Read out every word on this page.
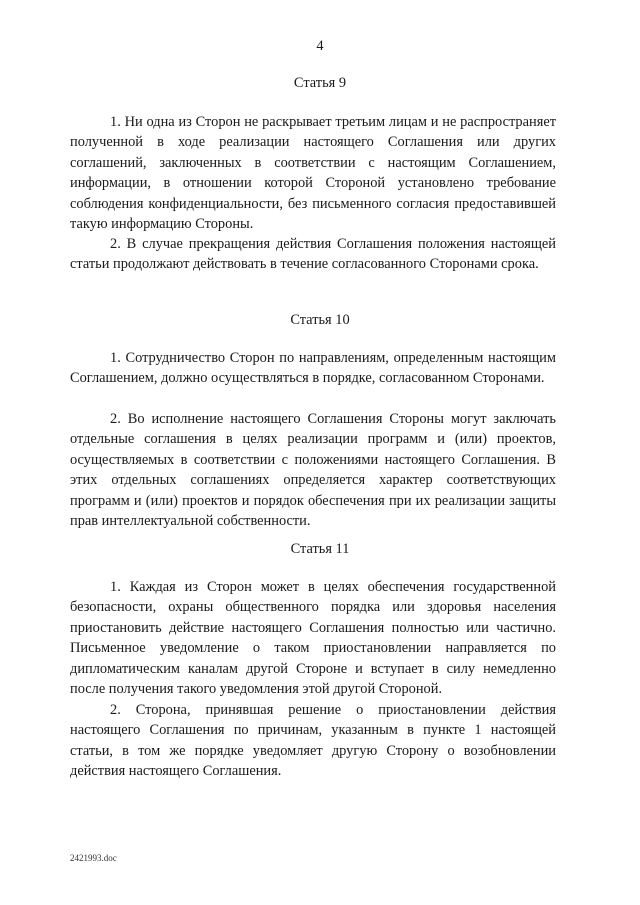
4
Статья 9

1. Ни одна из Сторон не раскрывает третьим лицам и не распространяет полученной в ходе реализации настоящего Соглашения или других соглашений, заключенных в соответствии с настоящим Соглашением, информации, в отношении которой Стороной установлено требование соблюдения конфиденциальности, без письменного согласия предоставившей такую информацию Стороны.

2. В случае прекращения действия Соглашения положения настоящей статьи продолжают действовать в течение согласованного Сторонами срока.

Статья 10

1. Сотрудничество Сторон по направлениям, определенным настоящим Соглашением, должно осуществляться в порядке, согласованном Сторонами.

2. Во исполнение настоящего Соглашения Стороны могут заключать отдельные соглашения в целях реализации программ и (или) проектов, осуществляемых в соответствии с положениями настоящего Соглашения. В этих отдельных соглашениях определяется характер соответствующих программ и (или) проектов и порядок обеспечения при их реализации защиты прав интеллектуальной собственности.

Статья 11

1. Каждая из Сторон может в целях обеспечения государственной безопасности, охраны общественного порядка или здоровья населения приостановить действие настоящего Соглашения полностью или частично. Письменное уведомление о таком приостановлении направляется по дипломатическим каналам другой Стороне и вступает в силу немедленно после получения такого уведомления этой другой Стороной.

2. Сторона, принявшая решение о приостановлении действия настоящего Соглашения по причинам, указанным в пункте 1 настоящей статьи, в том же порядке уведомляет другую Сторону о возобновлении действия настоящего Соглашения.

2421993.doc
